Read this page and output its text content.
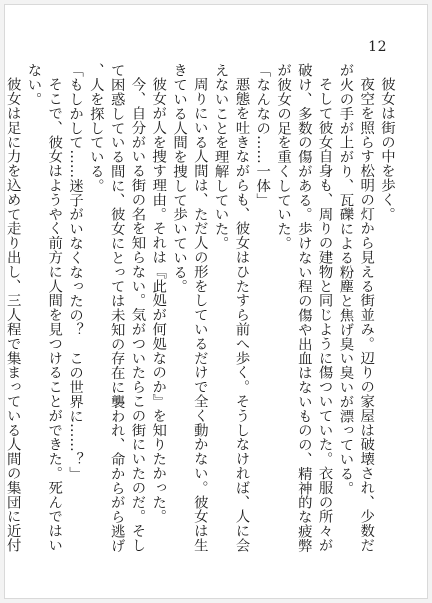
12

彼女は街の中を歩く。

夜空を照らす松明の灯から見える街並み。辺りの家屋は破壊され、少数だが火の手が上がり、瓦礫による粉塵と焦げ臭い臭いが漂っている。

そして彼女自身も、周りの建物と同じように傷ついていた。衣服の所々が破け、多数の傷がある。歩けない程の傷や出血はないものの、精神的な疲弊が彼女の足を重くしていた。

「なんなの……一体」

悪態を吐きながらも、彼女はひたすら前へ歩く。そうしなければ、人に会えないことを理解していた。

周りにいる人間は、ただ人の形をしているだけで全く動かない。彼女は生きている人間を捜して歩いている。

彼女が人を捜す理由。それは『此処が何処なのか』を知りたかった。

今、自分がいる街の名を知らない。気がついたらこの街にいたのだ。そして困惑している間に、彼女にとっては未知の存在に襲われ、命からがら逃げ、人を探している。

「もしかして……迷子がいなくなったの？　この世界に……？」

そこで、彼女はようやく前方に人間を見つけることができた。死んではいない。

彼女は足に力を込めて走り出し、三人程で集まっている人間の集団に近付
